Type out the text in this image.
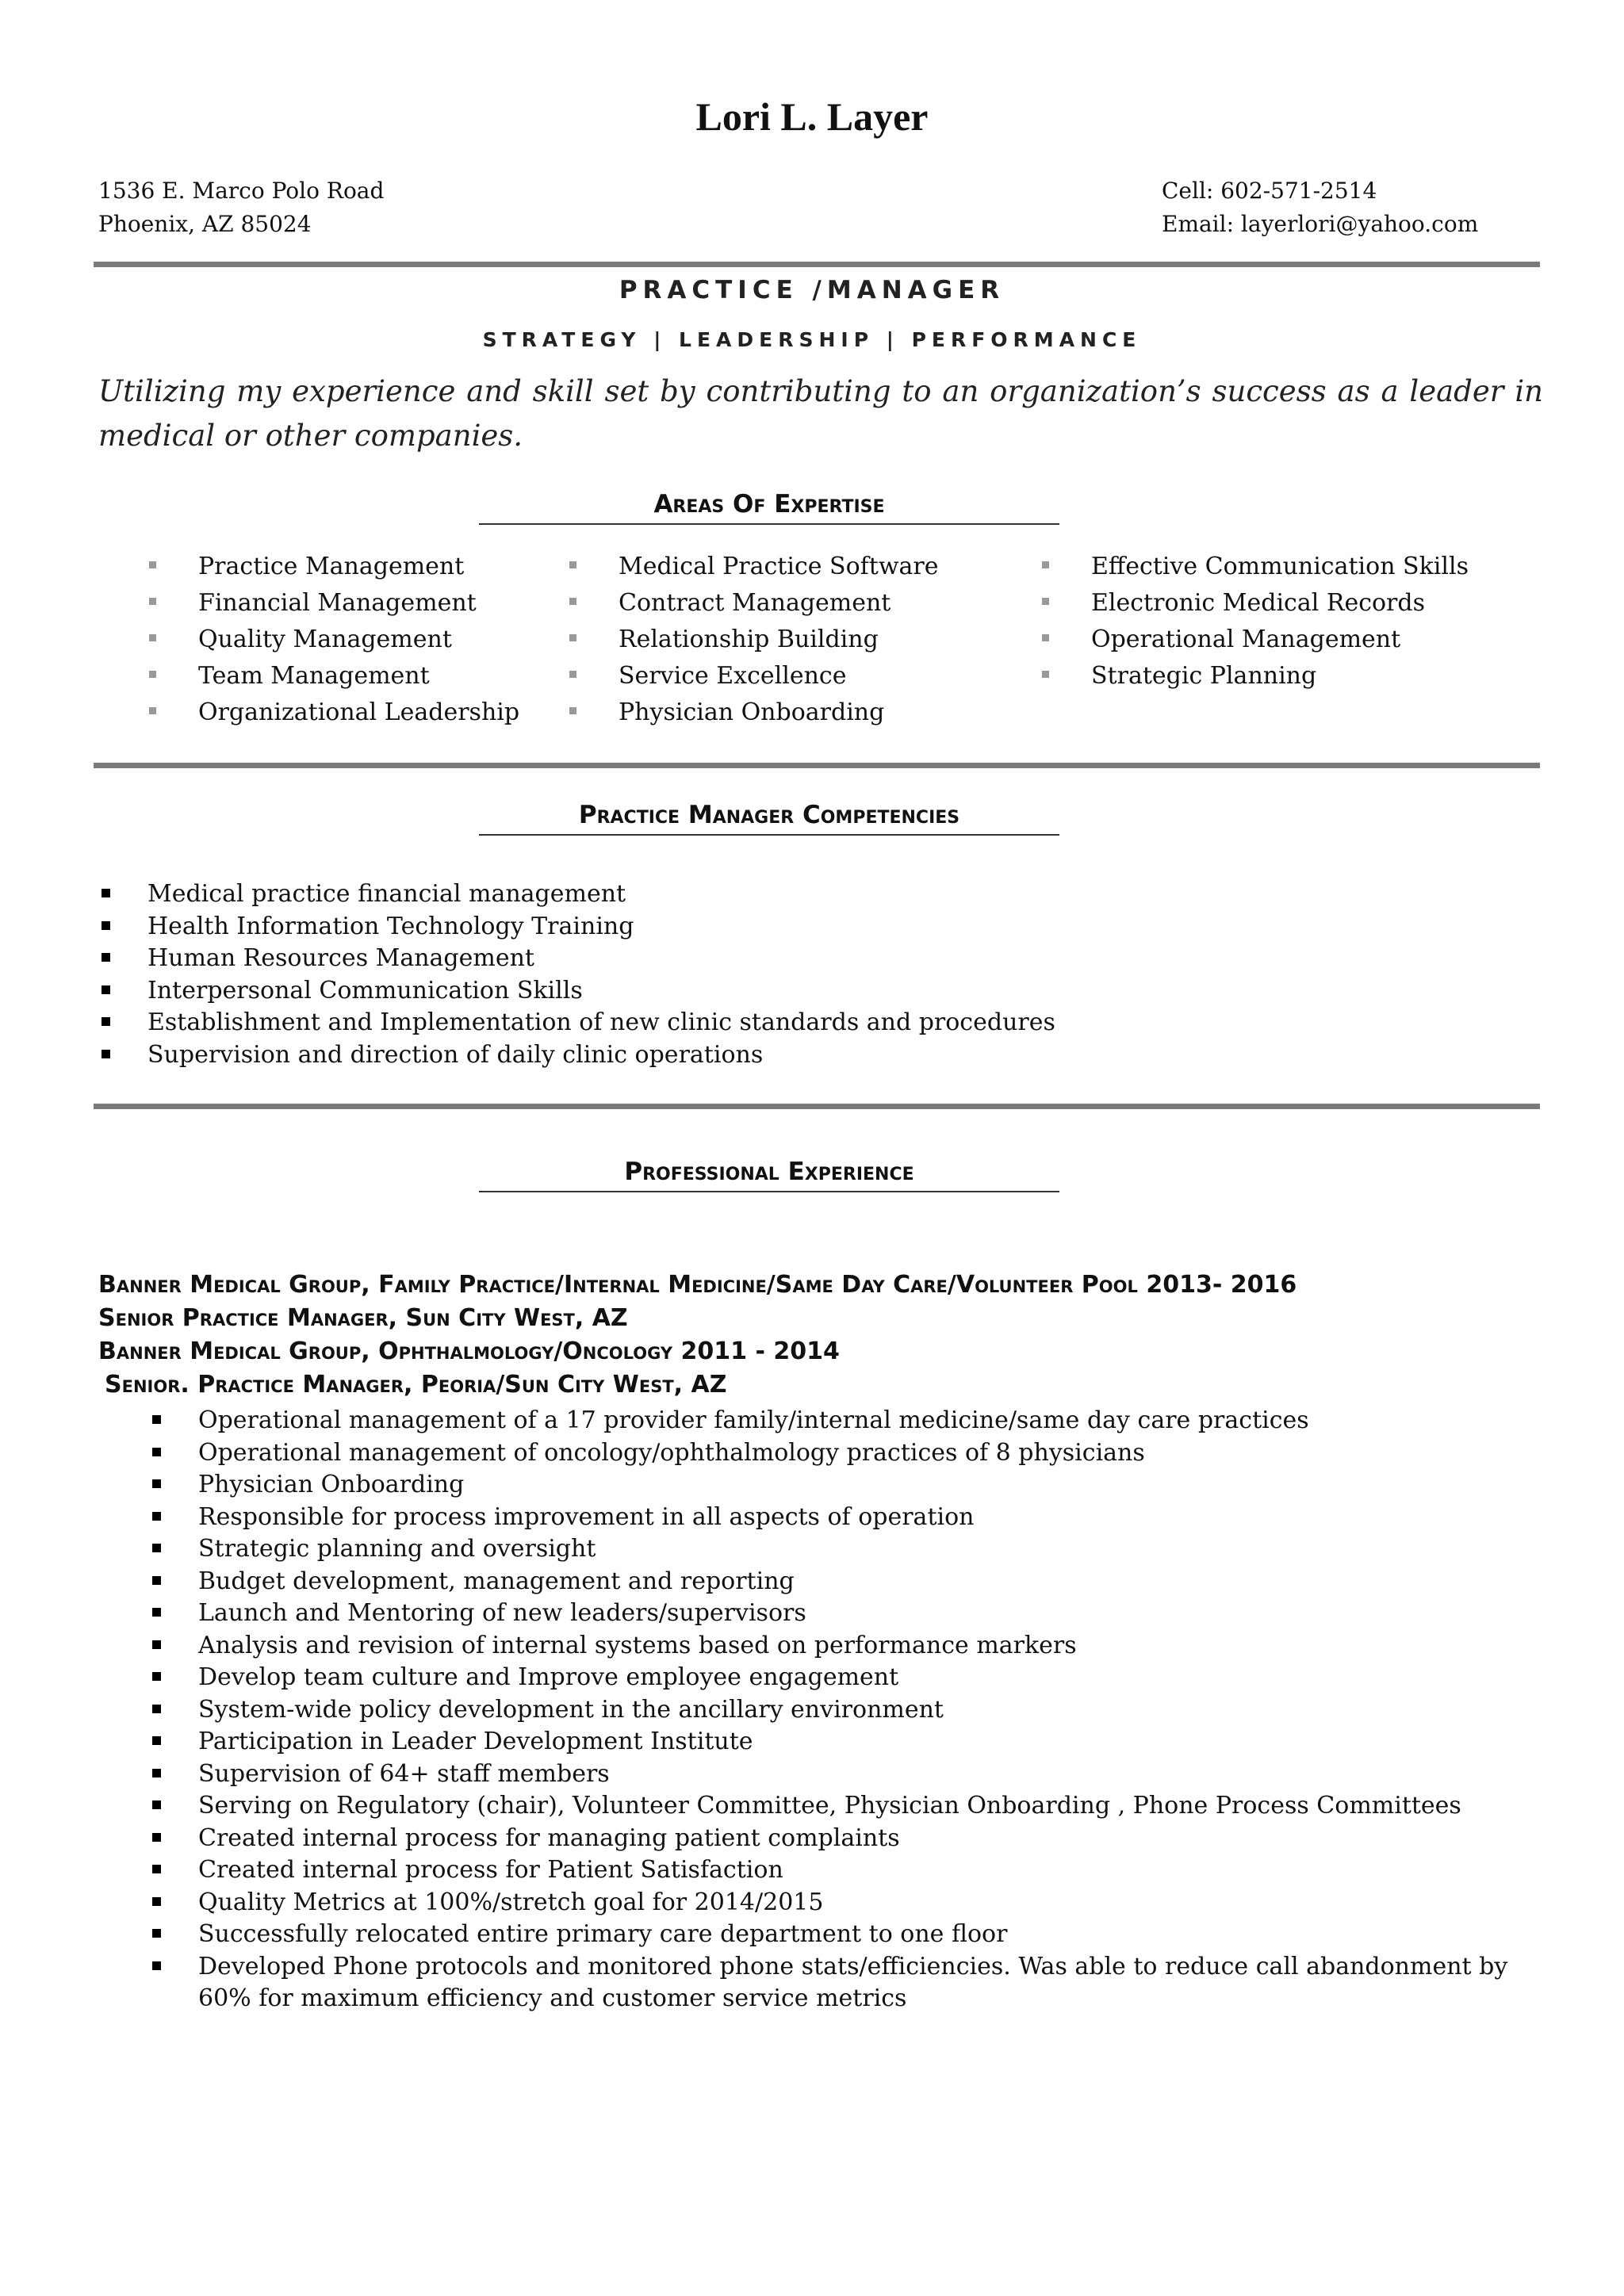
Lori L. Layer
1536 E. Marco Polo Road
Phoenix, AZ 85024
Cell: 602-571-2514
Email: layerlori@yahoo.com
PRACTICE /MANAGER
STRATEGY | LEADERSHIP | PERFORMANCE
Utilizing my experience and skill set by contributing to an organization’s success as a leader in medical or other companies.
Areas Of Expertise
Practice Management
Financial Management
Quality Management
Team Management
Organizational Leadership
Medical Practice Software
Contract Management
Relationship Building
Service Excellence
Physician Onboarding
Effective Communication Skills
Electronic Medical Records
Operational Management
Strategic Planning
Practice Manager Competencies
Medical practice financial management
Health Information Technology Training
Human Resources Management
Interpersonal Communication Skills
Establishment and Implementation of new clinic standards and procedures
Supervision and direction of daily clinic operations
Professional Experience
Banner Medical Group, Family Practice/Internal Medicine/Same Day Care/Volunteer Pool 2013- 2016
Senior Practice Manager, Sun City West, AZ
Banner Medical Group, Ophthalmology/Oncology 2011 - 2014
Senior. Practice Manager, Peoria/Sun City West, AZ
Operational management of a 17 provider family/internal medicine/same day care practices
Operational management of oncology/ophthalmology practices of 8 physicians
Physician Onboarding
Responsible for process improvement in all aspects of operation
Strategic planning and oversight
Budget development, management and reporting
Launch and Mentoring of new leaders/supervisors
Analysis and revision of internal systems based on performance markers
Develop team culture and Improve employee engagement
System-wide policy development in the ancillary environment
Participation in Leader Development Institute
Supervision of 64+ staff members
Serving on Regulatory (chair), Volunteer Committee, Physician Onboarding , Phone Process Committees
Created internal process for managing patient complaints
Created internal process for Patient Satisfaction
Quality Metrics at 100%/stretch goal for 2014/2015
Successfully relocated entire primary care department to one floor
Developed Phone protocols and monitored phone stats/efficiencies. Was able to reduce call abandonment by 60% for maximum efficiency and customer service metrics
